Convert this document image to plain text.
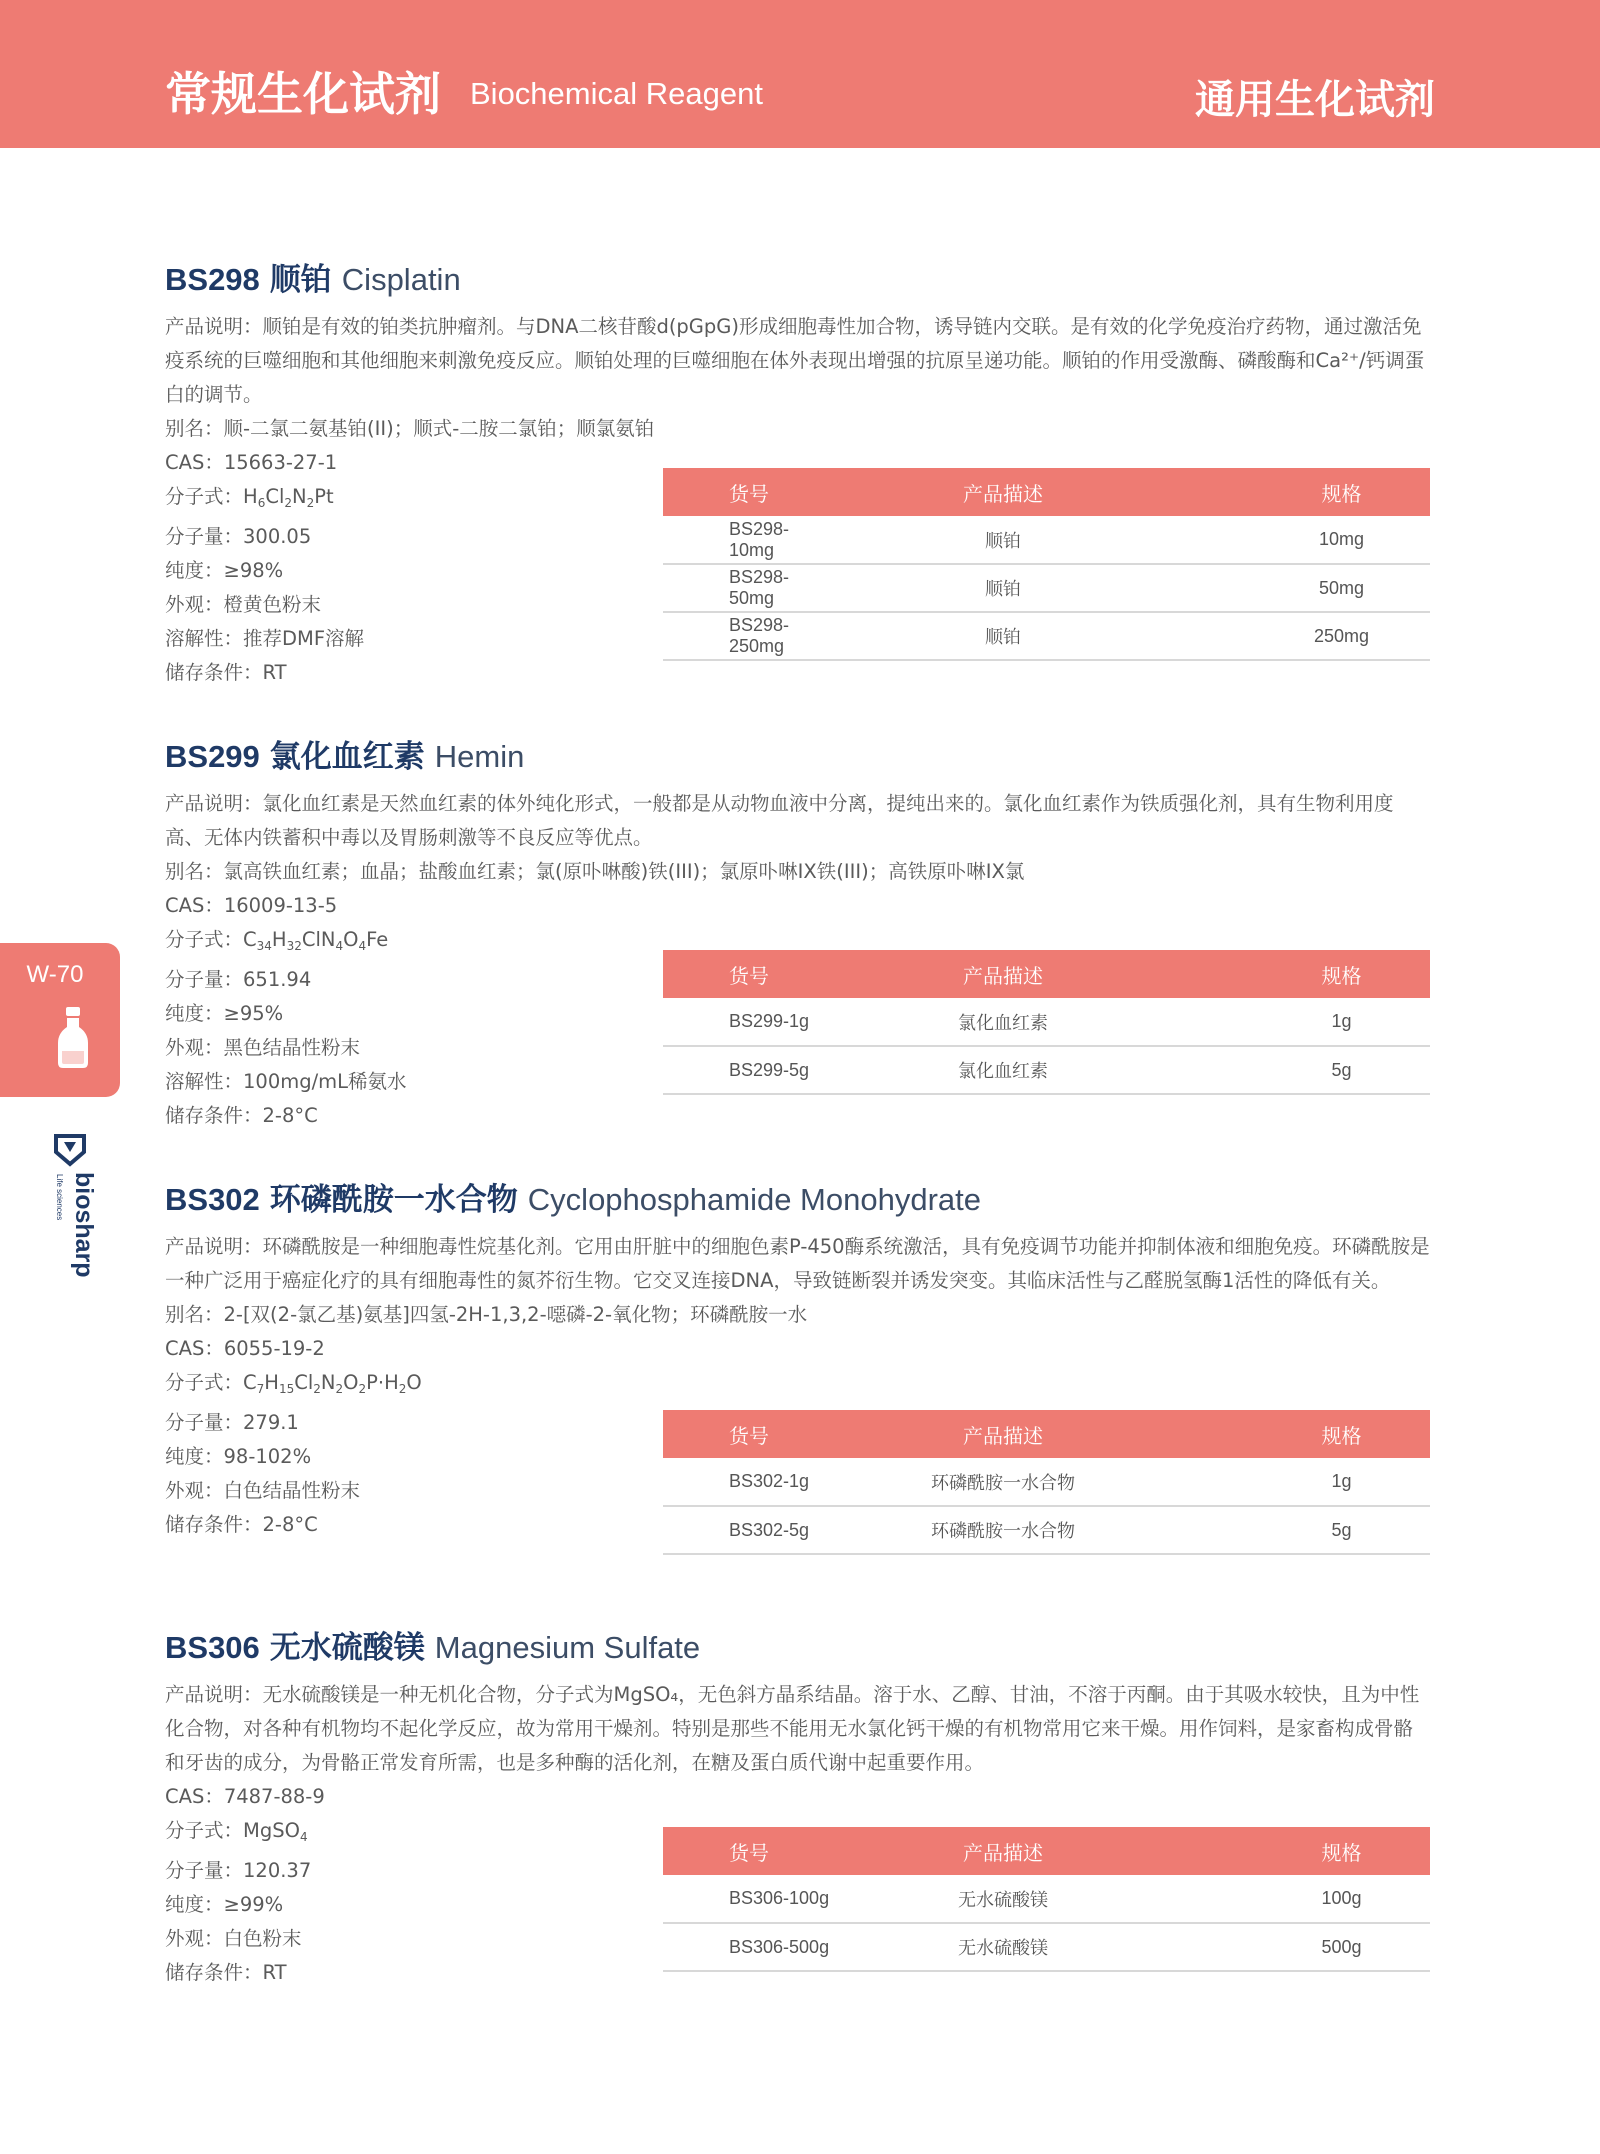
常规生化试剂 Biochemical Reagent	通用生化试剂
W-70
biosharp
Life sciences
BS298 顺铂 Cisplatin
产品说明：顺铂是有效的铂类抗肿瘤剂。与DNA二核苷酸d(pGpG)形成细胞毒性加合物，诱导链内交联。是有效的化学免疫治疗药物，通过激活免疫系统的巨噬细胞和其他细胞来刺激免疫反应。顺铂处理的巨噬细胞在体外表现出增强的抗原呈递功能。顺铂的作用受激酶、磷酸酶和Ca²⁺/钙调蛋白的调节。
别名：顺-二氯二氨基铂(II)；顺式-二胺二氯铂；顺氯氨铂
CAS：15663-27-1
分子式：$H_6Cl_2N_2Pt$
分子量：300.05
纯度：≥98%
外观：橙黄色粉末
溶解性：推荐DMF溶解
储存条件：RT
货号	产品描述	规格
BS298-10mg	顺铂	10mg
BS298-50mg	顺铂	50mg
BS298-250mg	顺铂	250mg
BS299 氯化血红素 Hemin
产品说明：氯化血红素是天然血红素的体外纯化形式，一般都是从动物血液中分离，提纯出来的。氯化血红素作为铁质强化剂，具有生物利用度高、无体内铁蓄积中毒以及胃肠刺激等不良反应等优点。
别名：氯高铁血红素；血晶；盐酸血红素；氯(原卟啉酸)铁(III)；氯原卟啉IX铁(III)；高铁原卟啉IX氯
CAS：16009-13-5
分子式：$C_{34}H_{32}ClN_4O_4Fe$
分子量：651.94
纯度：≥95%
外观：黑色结晶性粉末
溶解性：100mg/mL稀氨水
储存条件：2-8°C
货号	产品描述	规格
BS299-1g	氯化血红素	1g
BS299-5g	氯化血红素	5g
BS302 环磷酰胺一水合物 Cyclophosphamide Monohydrate
产品说明：环磷酰胺是一种细胞毒性烷基化剂。它用由肝脏中的细胞色素P-450酶系统激活，具有免疫调节功能并抑制体液和细胞免疫。环磷酰胺是一种广泛用于癌症化疗的具有细胞毒性的氮芥衍生物。它交叉连接DNA，导致链断裂并诱发突变。其临床活性与乙醛脱氢酶1活性的降低有关。
别名：2-[双(2-氯乙基)氨基]四氢-2H-1,3,2-噁磷-2-氧化物；环磷酰胺一水
CAS：6055-19-2
分子式：$C_7H_{15}Cl_2N_2O_2P\cdot H_2O$
分子量：279.1
纯度：98-102%
外观：白色结晶性粉末
储存条件：2-8°C
货号	产品描述	规格
BS302-1g	环磷酰胺一水合物	1g
BS302-5g	环磷酰胺一水合物	5g
BS306 无水硫酸镁 Magnesium Sulfate
产品说明：无水硫酸镁是一种无机化合物，分子式为MgSO₄，无色斜方晶系结晶。溶于水、乙醇、甘油，不溶于丙酮。由于其吸水较快，且为中性化合物，对各种有机物均不起化学反应，故为常用干燥剂。特别是那些不能用无水氯化钙干燥的有机物常用它来干燥。用作饲料，是家畜构成骨骼和牙齿的成分，为骨骼正常发育所需，也是多种酶的活化剂，在糖及蛋白质代谢中起重要作用。
CAS：7487-88-9
分子式：MgSO$_4$
分子量：120.37
纯度：≥99%
外观：白色粉末
储存条件：RT
货号	产品描述	规格
BS306-100g	无水硫酸镁	100g
BS306-500g	无水硫酸镁	500g
